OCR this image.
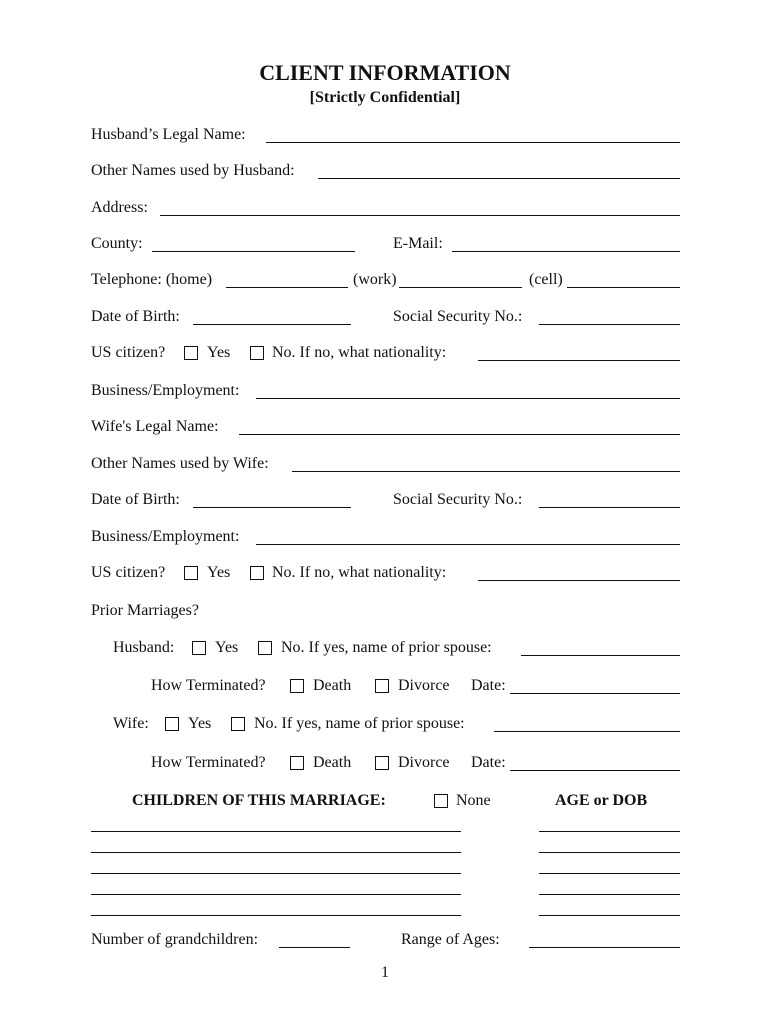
CLIENT INFORMATION
[Strictly Confidential]
Husband’s Legal Name:
Other Names used by Husband:
Address:
County:	E-Mail:
Telephone: (home)	(work)	(cell)
Date of Birth:	Social Security No.:
US citizen?	Yes	No. If no, what nationality:
Business/Employment:
Wife's Legal Name:
Other Names used by Wife:
Date of Birth:	Social Security No.:
Business/Employment:
US citizen?	Yes	No. If no, what nationality:
Prior Marriages?
Husband:	Yes	No. If yes, name of prior spouse:
How Terminated?	Death	Divorce Date:
Wife: Yes	No. If yes, name of prior spouse:
How Terminated?	Death	Divorce Date:
CHILDREN OF THIS MARRIAGE:	None	AGE or DOB
Number of grandchildren:	Range of Ages:
1
